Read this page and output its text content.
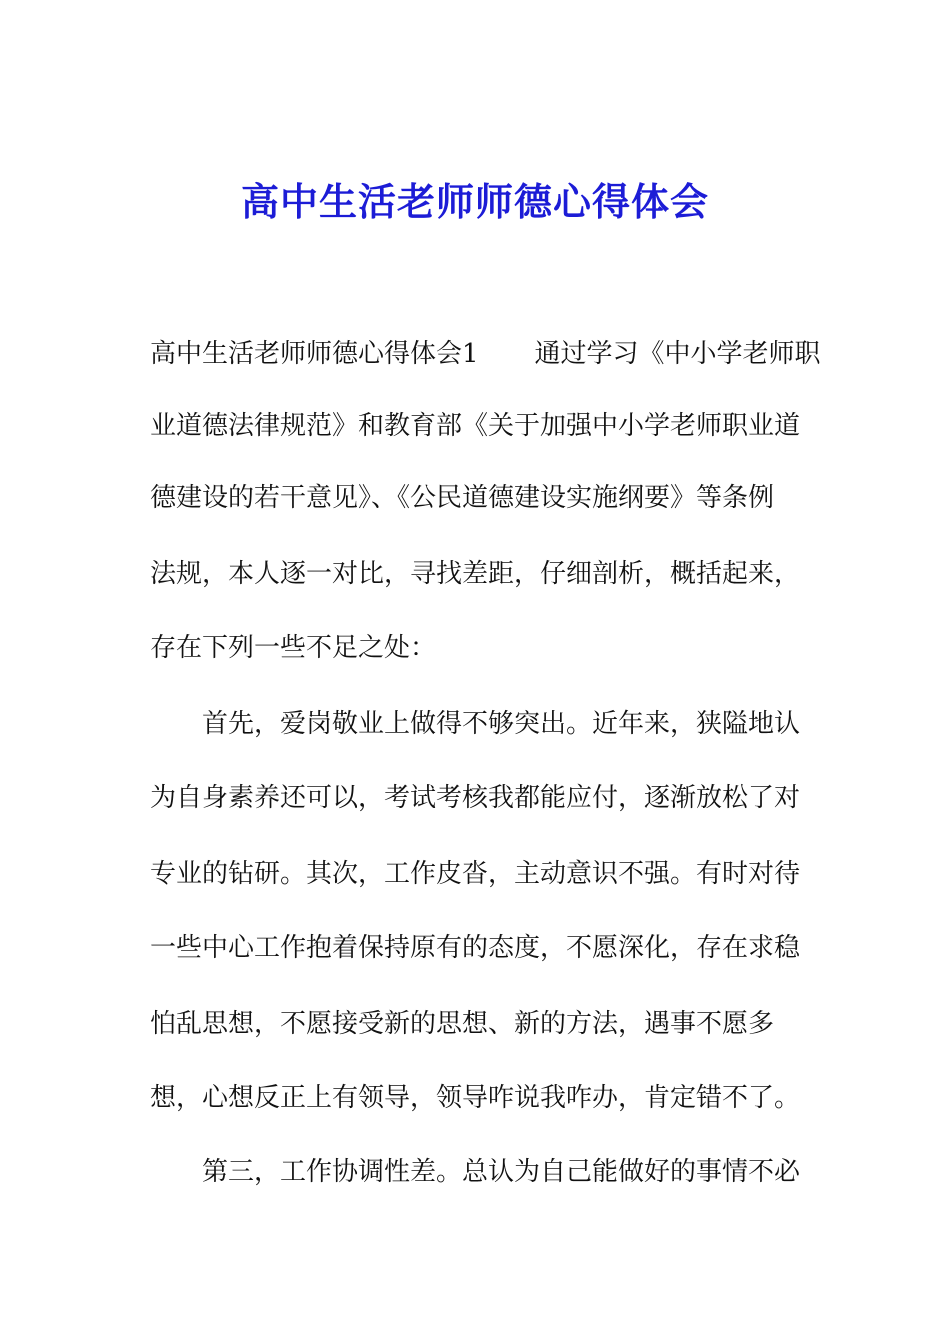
高中生活老师师德心得体会

高中生活老师师德心得体会1 通过学习《中小学老师职

业道德法律规范》和教育部《关于加强中小学老师职业道

德建设的若干意见》、《公民道德建设实施纲要》等条例

法规，本人逐一对比，寻找差距，仔细剖析，概括起来，

存在下列一些不足之处：

首先，爱岗敬业上做得不够突出。近年来，狭隘地认

为自身素养还可以，考试考核我都能应付，逐渐放松了对

专业的钻研。其次，工作皮沓，主动意识不强。有时对待

一些中心工作抱着保持原有的态度，不愿深化，存在求稳

怕乱思想，不愿接受新的思想、新的方法，遇事不愿多

想，心想反正上有领导，领导咋说我咋办，肯定错不了。

第三，工作协调性差。总认为自己能做好的事情不必
